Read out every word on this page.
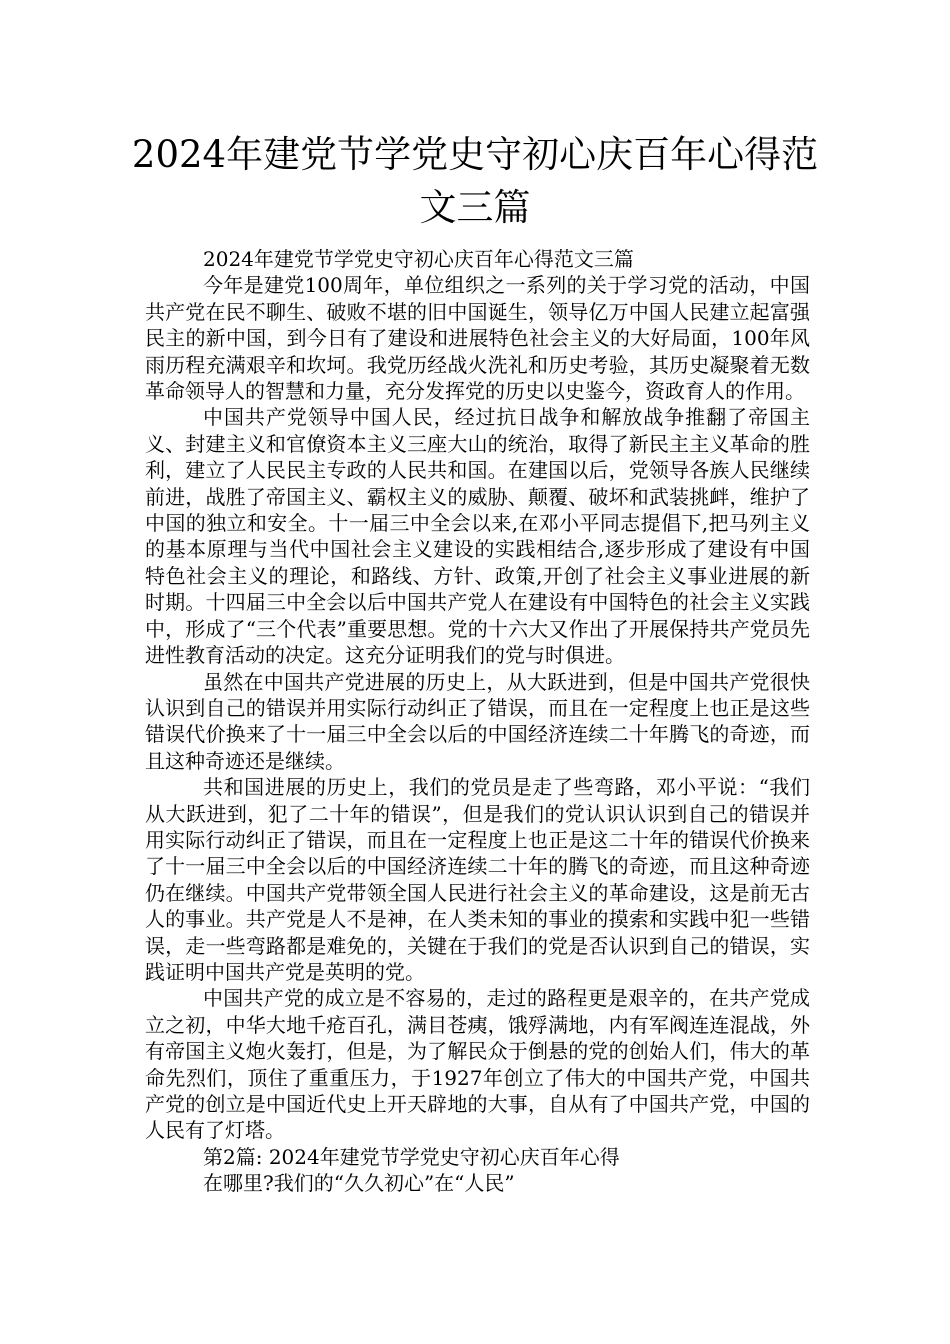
2024年建党节学党史守初心庆百年心得范文三篇

2024年建党节学党史守初心庆百年心得范文三篇

今年是建党100周年，单位组织之一系列的关于学习党的活动，中国共产党在民不聊生、破败不堪的旧中国诞生，领导亿万中国人民建立起富强民主的新中国，到今日有了建设和进展特色社会主义的大好局面，100年风雨历程充满艰辛和坎坷。我党历经战火洗礼和历史考验，其历史凝聚着无数革命领导人的智慧和力量，充分发挥党的历史以史鉴今，资政育人的作用。

中国共产党领导中国人民，经过抗日战争和解放战争推翻了帝国主义、封建主义和官僚资本主义三座大山的统治，取得了新民主主义革命的胜利，建立了人民民主专政的人民共和国。在建国以后，党领导各族人民继续前进，战胜了帝国主义、霸权主义的威胁、颠覆、破坏和武装挑衅，维护了中国的独立和安全。十一届三中全会以来,在邓小平同志提倡下,把马列主义的基本原理与当代中国社会主义建设的实践相结合,逐步形成了建设有中国特色社会主义的理论，和路线、方针、政策,开创了社会主义事业进展的新时期。十四届三中全会以后中国共产党人在建设有中国特色的社会主义实践中，形成了“三个代表”重要思想。党的十六大又作出了开展保持共产党员先进性教育活动的决定。这充分证明我们的党与时俱进。

虽然在中国共产党进展的历史上，从大跃进到，但是中国共产党很快认识到自己的错误并用实际行动纠正了错误，而且在一定程度上也正是这些错误代价换来了十一届三中全会以后的中国经济连续二十年腾飞的奇迹，而且这种奇迹还是继续。

共和国进展的历史上，我们的党员是走了些弯路，邓小平说：“我们从大跃进到，犯了二十年的错误”，但是我们的党认识认识到自己的错误并用实际行动纠正了错误，而且在一定程度上也正是这二十年的错误代价换来了十一届三中全会以后的中国经济连续二十年的腾飞的奇迹，而且这种奇迹仍在继续。中国共产党带领全国人民进行社会主义的革命建设，这是前无古人的事业。共产党是人不是神，在人类未知的事业的摸索和实践中犯一些错误，走一些弯路都是难免的，关键在于我们的党是否认识到自己的错误，实践证明中国共产党是英明的党。

中国共产党的成立是不容易的，走过的路程更是艰辛的，在共产党成立之初，中华大地千疮百孔，满目苍痍，饿殍满地，内有军阀连连混战，外有帝国主义炮火轰打，但是，为了解民众于倒悬的党的创始人们，伟大的革命先烈们，顶住了重重压力，于1927年创立了伟大的中国共产党，中国共产党的创立是中国近代史上开天辟地的大事，自从有了中国共产党，中国的人民有了灯塔。

第2篇: 2024年建党节学党史守初心庆百年心得

在哪里?我们的“久久初心”在“人民”
